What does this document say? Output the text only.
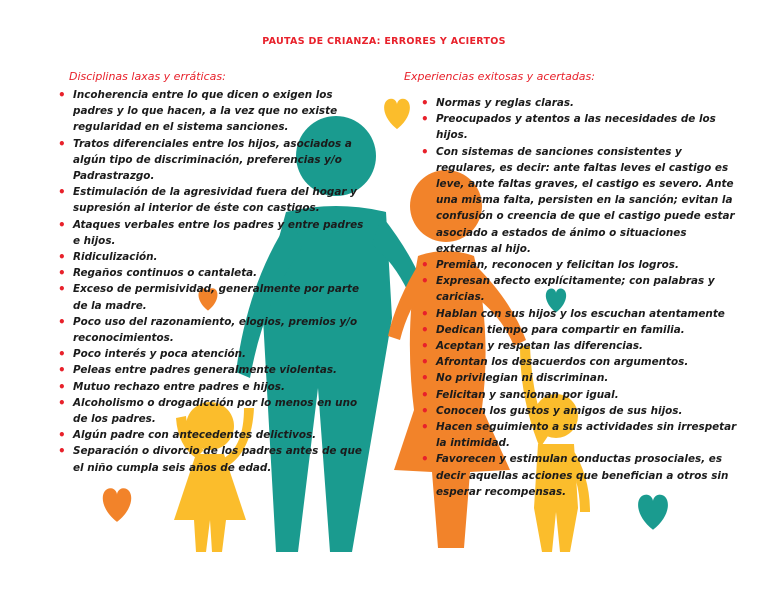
PAUTAS DE CRIANZA: ERRORES Y ACIERTOS
Disciplinas laxas y erráticas:
• Incoherencia entre lo que dicen o exigen los padres y lo que hacen, a la vez que no existe regularidad en el sistema sanciones.
• Tratos diferenciales entre los hijos, asociados a algún tipo de discriminación, preferencias y/o Padrastrazgo.
• Estimulación de la agresividad fuera del hogar y supresión al interior de éste con castigos.
• Ataques verbales entre los padres y entre padres e hijos.
• Ridiculización.
• Regaños continuos o cantaleta.
• Exceso de permisividad, generalmente por parte de la madre.
• Poco uso del razonamiento, elogios, premios y/o reconocimientos.
• Poco interés y poca atención.
• Peleas entre padres generalmente violentas.
• Mutuo rechazo entre padres e hijos.
• Alcoholismo o drogadicción por lo menos en uno de los padres.
• Algún padre con antecedentes delictivos.
• Separación o divorcio de los padres antes de que el niño cumpla seis años de edad.
Experiencias exitosas y acertadas:
• Normas y reglas claras.
• Preocupados y atentos a las necesidades de los hijos.
• Con sistemas de sanciones consistentes y regulares, es decir: ante faltas leves el castigo es leve, ante faltas graves, el castigo es severo. Ante una misma falta, persisten en la sanción; evitan la confusión o creencia de que el castigo puede estar asociado a estados de ánimo o situaciones externas al hijo.
• Premian, reconocen y felicitan los logros.
• Expresan afecto explícitamente; con palabras y caricias.
• Hablan con sus hijos y los escuchan atentamente
• Dedican tiempo para compartir en familia.
• Aceptan y respetan las diferencias.
• Afrontan los desacuerdos con argumentos.
• No privilegian ni discriminan.
• Felicitan y sancionan por igual.
• Conocen los gustos y amigos de sus hijos.
• Hacen seguimiento a sus actividades sin irrespetar la intimidad.
• Favorecen y estimulan conductas prosociales, es decir aquellas acciones que benefician a otros sin esperar recompensas.
